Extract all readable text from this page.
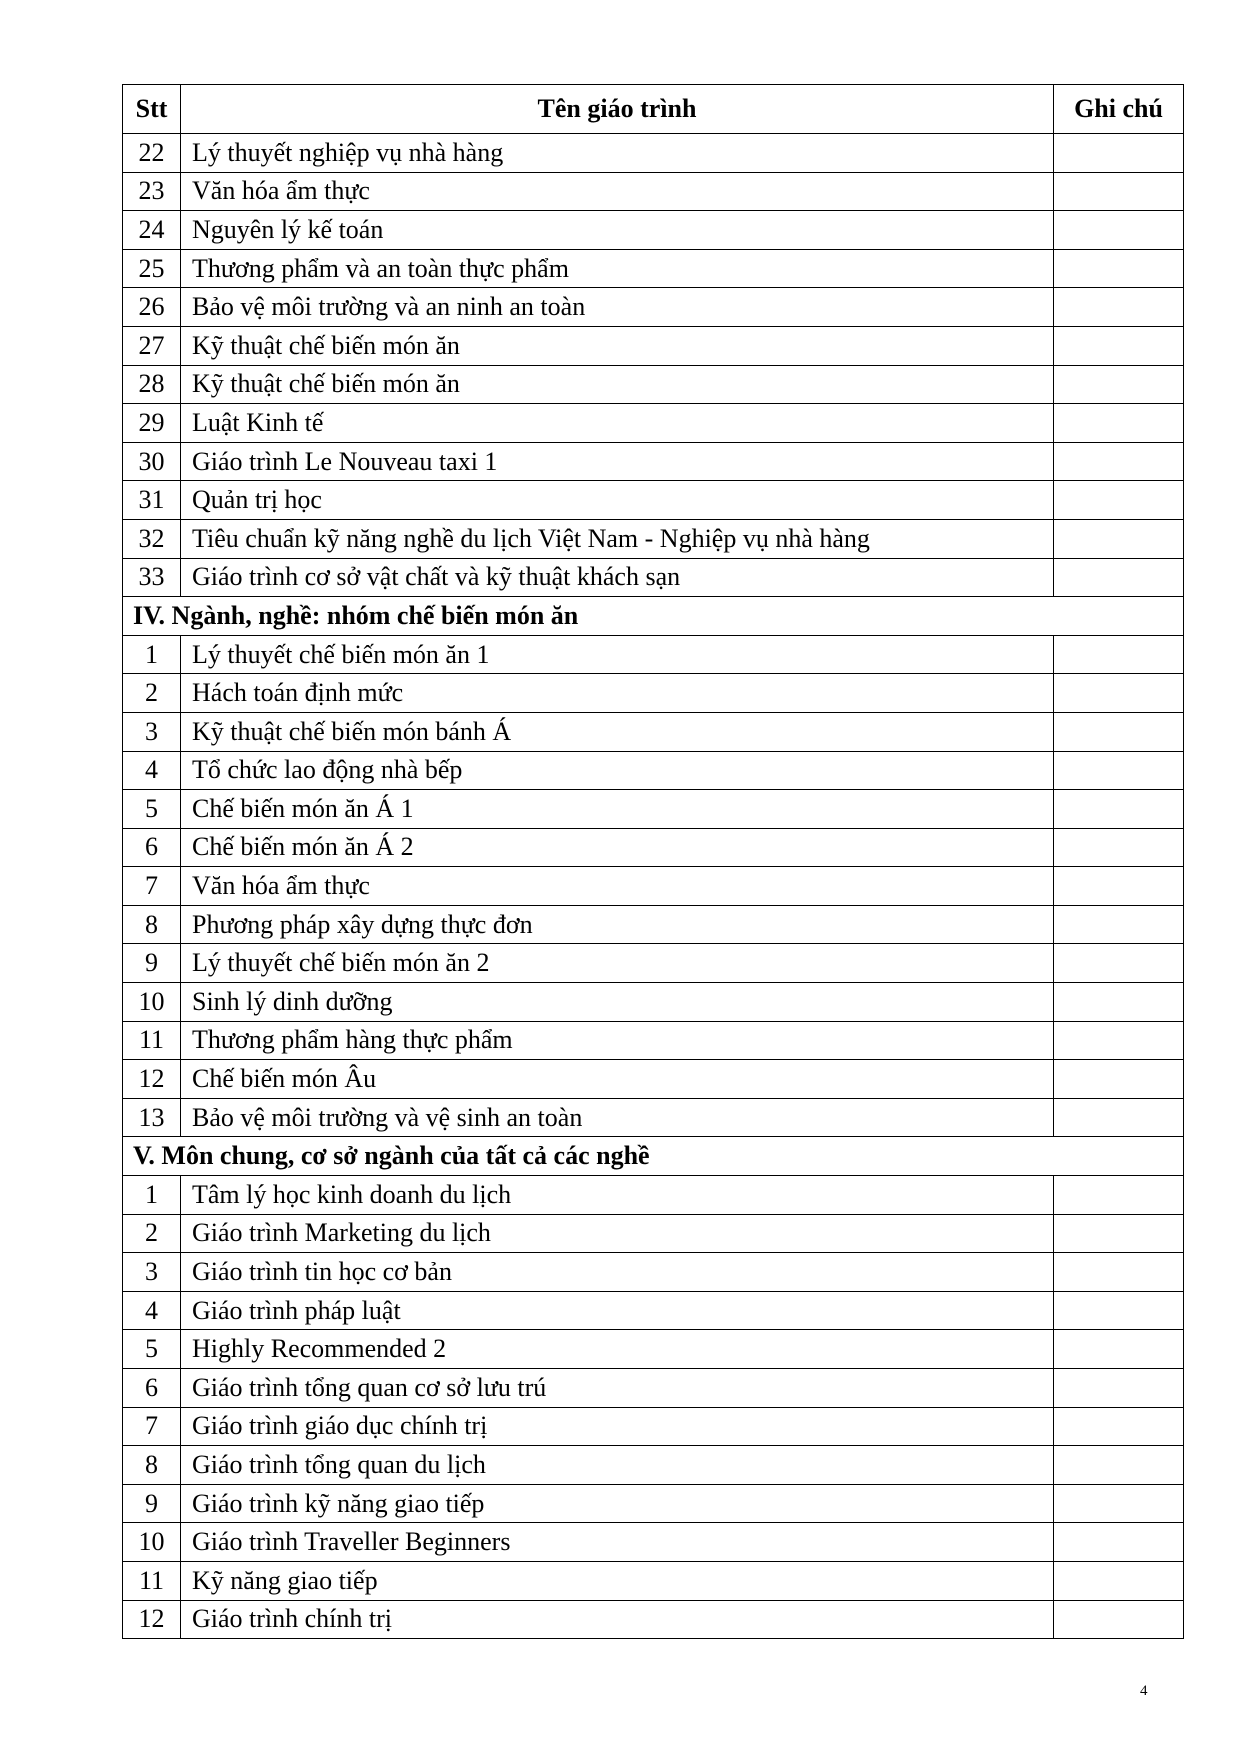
Stt	Tên giáo trình	Ghi chú
22	Lý thuyết nghiệp vụ nhà hàng	
23	Văn hóa ẩm thực	
24	Nguyên lý kế toán	
25	Thương phẩm và an toàn thực phẩm	
26	Bảo vệ môi trường và an ninh an toàn	
27	Kỹ thuật chế biến món ăn	
28	Kỹ thuật chế biến món ăn	
29	Luật Kinh tế	
30	Giáo trình Le Nouveau taxi 1	
31	Quản trị học	
32	Tiêu chuẩn kỹ năng nghề du lịch Việt Nam - Nghiệp vụ nhà hàng	
33	Giáo trình cơ sở vật chất và kỹ thuật khách sạn	
IV. Ngành, nghề: nhóm chế biến món ăn		
1	Lý thuyết chế biến món ăn 1	
2	Hách toán định mức	
3	Kỹ thuật chế biến món bánh Á	
4	Tổ chức lao động nhà bếp	
5	Chế biến món ăn Á 1	
6	Chế biến món ăn Á 2	
7	Văn hóa ẩm thực	
8	Phương pháp xây dựng thực đơn	
9	Lý thuyết chế biến món ăn 2	
10	Sinh lý dinh dưỡng	
11	Thương phẩm hàng thực phẩm	
12	Chế biến món Âu	
13	Bảo vệ môi trường và vệ sinh an toàn	
V. Môn chung, cơ sở ngành của tất cả các nghề		
1	Tâm lý học kinh doanh du lịch	
2	Giáo trình Marketing du lịch	
3	Giáo trình tin học cơ bản	
4	Giáo trình pháp luật	
5	Highly Recommended 2	
6	Giáo trình tổng quan cơ sở lưu trú	
7	Giáo trình giáo dục chính trị	
8	Giáo trình tổng quan du lịch	
9	Giáo trình kỹ năng giao tiếp	
10	Giáo trình Traveller Beginners	
11	Kỹ năng giao tiếp	
12	Giáo trình chính trị	
4
